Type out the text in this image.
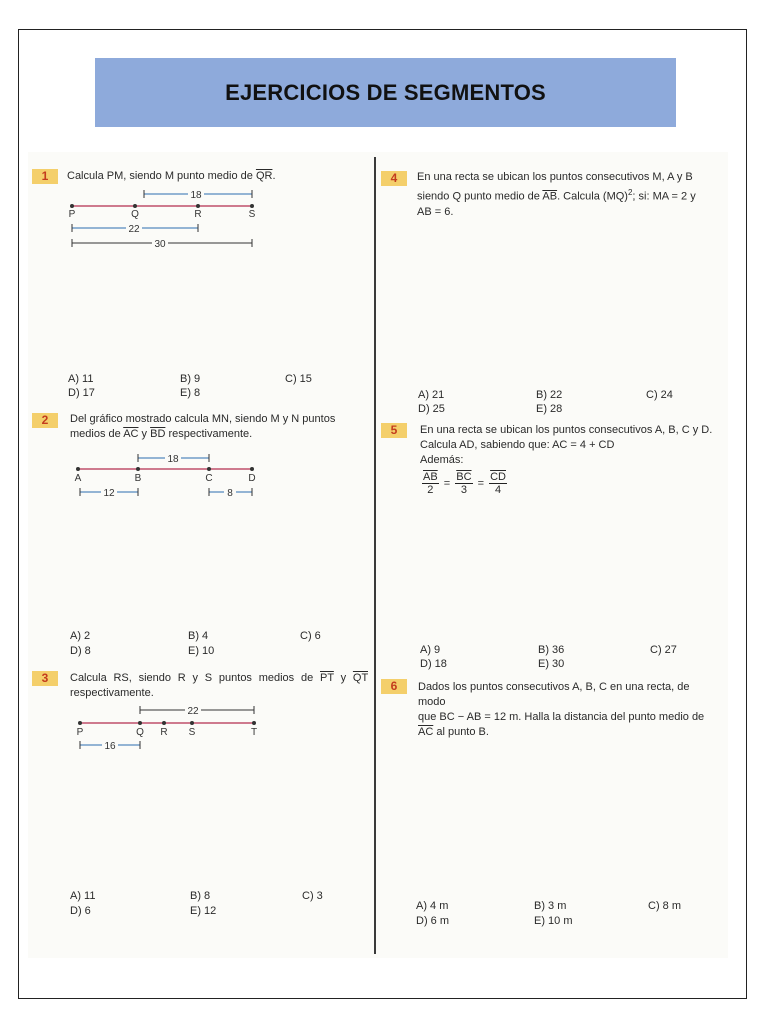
EJERCICIOS DE SEGMENTOS
1	Calcula PM, siendo M punto medio de $\overline{QR}$.
18
P	Q	R	S
22
30
A) 11	B) 9	C) 15
D) 17	E) 8
2	Del gráfico mostrado calcula MN, siendo M y N puntos medios de $\overline{AC}$ y $\overline{BD}$ respectivamente.
18
A	B	C	D
12	8
A) 2	B) 4	C) 6
D) 8	E) 10
3	Calcula RS, siendo R y S puntos medios de $\overline{PT}$ y $\overline{QT}$ respectivamente.
22
P	Q R S	T
16
A) 11	B) 8	C) 3
D) 6	E) 12
4	En una recta se ubican los puntos consecutivos M, A y B
siendo Q punto medio de $\overline{AB}$. Calcula (MQ)$^2$; si: MA = 2 y
AB = 6.
A) 21	B) 22	C) 24
D) 25	E) 28
5	En una recta se ubican los puntos consecutivos A, B, C y D.
Calcula AD, sabiendo que: AC = 4 + CD
Además:
$\frac{\overline{AB}}{2} = \frac{\overline{BC}}{3} = \frac{\overline{CD}}{4}$
A) 9	B) 36	C) 27
D) 18	E) 30
6	Dados los puntos consecutivos A, B, C en una recta, de modo
que BC − AB = 12 m. Halla la distancia del punto medio de
$\overline{AC}$ al punto B.
A) 4 m	B) 3 m	C) 8 m
D) 6 m	E) 10 m
